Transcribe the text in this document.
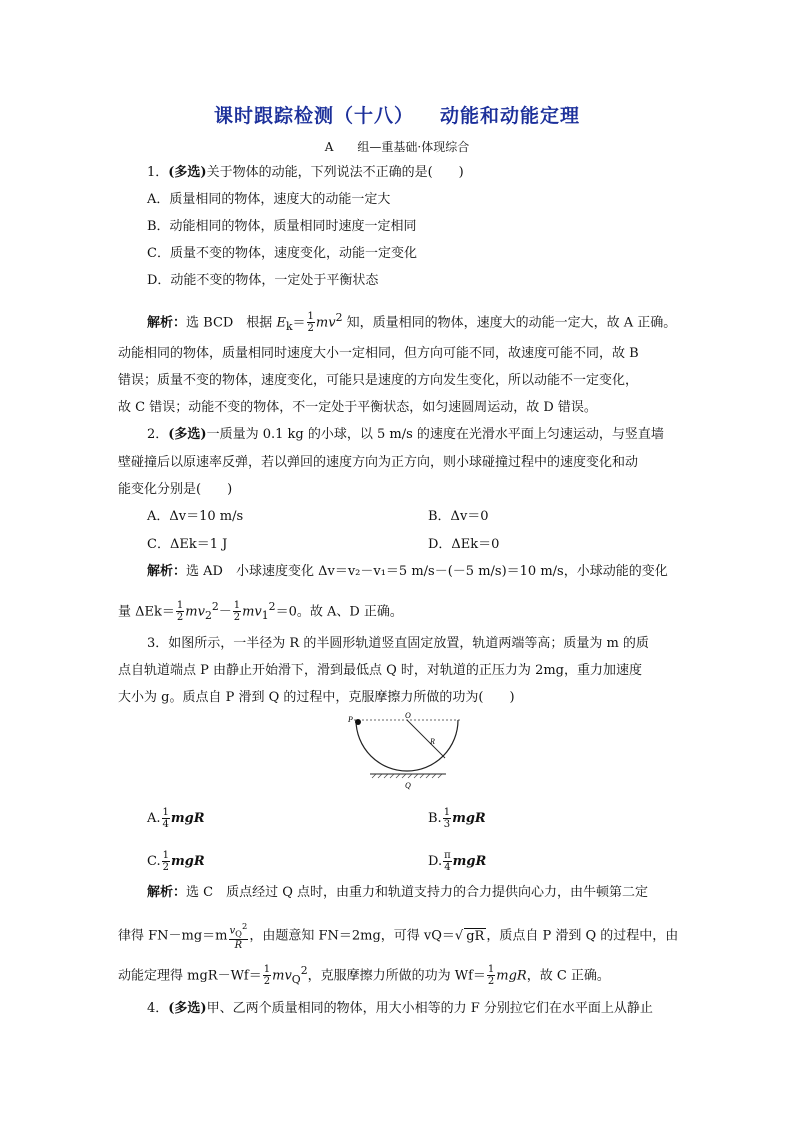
课时跟踪检测（十八） 动能和动能定理
A　　组—重基础·体现综合
1．(多选)关于物体的动能，下列说法不正确的是(　　)
A．质量相同的物体，速度大的动能一定大
B．动能相同的物体，质量相同时速度一定相同
C．质量不变的物体，速度变化，动能一定变化
D．动能不变的物体，一定处于平衡状态
解析：选 BCD　根据 $E_k= \frac{1}{2} mv^2$ 知，质量相同的物体，速度大的动能一定大，故 A 正确。
动能相同的物体，质量相同时速度大小一定相同，但方向可能不同，故速度可能不同，故 B
错误；质量不变的物体，速度变化，可能只是速度的方向发生变化，所以动能不一定变化，
故 C 错误；动能不变的物体，不一定处于平衡状态，如匀速圆周运动，故 D 错误。
2．(多选)一质量为 0.1 kg 的小球，以 5 m/s 的速度在光滑水平面上匀速运动，与竖直墙
壁碰撞后以原速率反弹，若以弹回的速度方向为正方向，则小球碰撞过程中的速度变化和动
能变化分别是(　　)
A．Δv＝10 m/s	B．Δv＝0
C．ΔEk＝1 J	D．ΔEk＝0
解析：选 AD　小球速度变化 Δv＝v₂－v₁＝5 m/s－(－5 m/s)＝10 m/s，小球动能的变化
量 $\Delta Ek= \frac{1}{2} mv_2^2- \frac{1}{2} mv_1^2=0$。故 A、D 正确。
3．如图所示，一半径为 R 的半圆形轨道竖直固定放置，轨道两端等高；质量为 m 的质
点自轨道端点 P 由静止开始滑下，滑到最低点 Q 时，对轨道的正压力为 2mg，重力加速度
大小为 g。质点自 P 滑到 Q 的过程中，克服摩擦力所做的功为(　　)
P	O
R
Q
A. $\frac{1}{4}$ mgR	B. $\frac{1}{3}$ mgR
C. $\frac{1}{2}$ mgR	D. $\frac{\pi}{4}$ mgR
解析：选 C　质点经过 Q 点时，由重力和轨道支持力的合力提供向心力，由牛顿第二定
律得 $FN-mg=m \frac{v_Q^2}{R}$ ，由题意知 FN＝2mg，可得 vQ＝√ gR ，质点自 P 滑到 Q 的过程中，由
动能定理得 $mgR-Wf= \frac{1}{2} mv_Q^2$，克服摩擦力所做的功为 $Wf= \frac{1}{2}$ mgR，故 C 正确。
4．(多选)甲、乙两个质量相同的物体，用大小相等的力 F 分别拉它们在水平面上从静止
